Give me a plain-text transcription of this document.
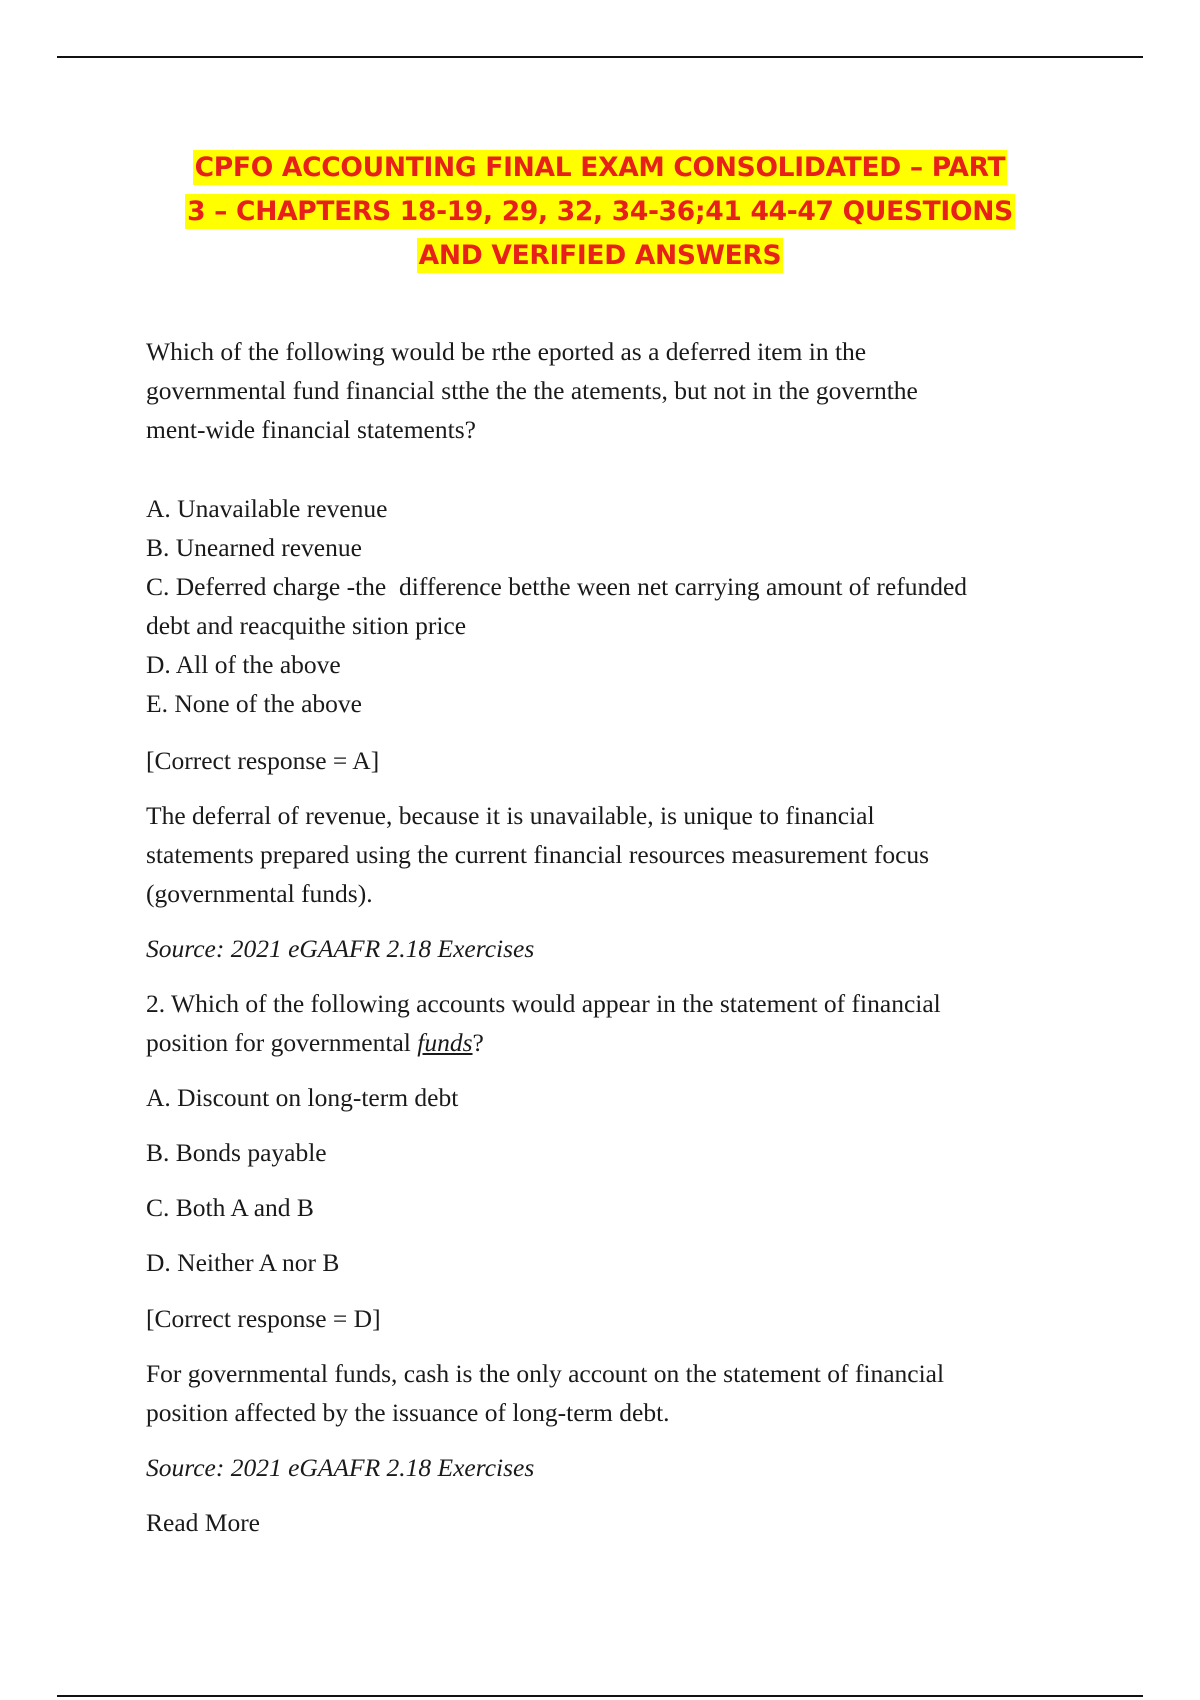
CPFO ACCOUNTING FINAL EXAM CONSOLIDATED – PART
3 – CHAPTERS 18-19, 29, 32, 34-36;41 44-47 QUESTIONS
AND VERIFIED ANSWERS

Which of the following would be rthe eported as a deferred item in the

governmental fund financial stthe the the atements, but not in the governthe

ment-wide financial statements?

A. Unavailable revenue

B. Unearned revenue

C. Deferred charge -the  difference betthe ween net carrying amount of refunded

debt and reacquithe sition price

D. All of the above

E. None of the above

[Correct response = A]

The deferral of revenue, because it is unavailable, is unique to financial

statements prepared using the current financial resources measurement focus

(governmental funds).

Source: 2021 eGAAFR 2.18 Exercises

2. Which of the following accounts would appear in the statement of financial

position for governmental funds?

A. Discount on long-term debt

B. Bonds payable

C. Both A and B

D. Neither A nor B

[Correct response = D]

For governmental funds, cash is the only account on the statement of financial

position affected by the issuance of long-term debt.

Source: 2021 eGAAFR 2.18 Exercises

Read More
